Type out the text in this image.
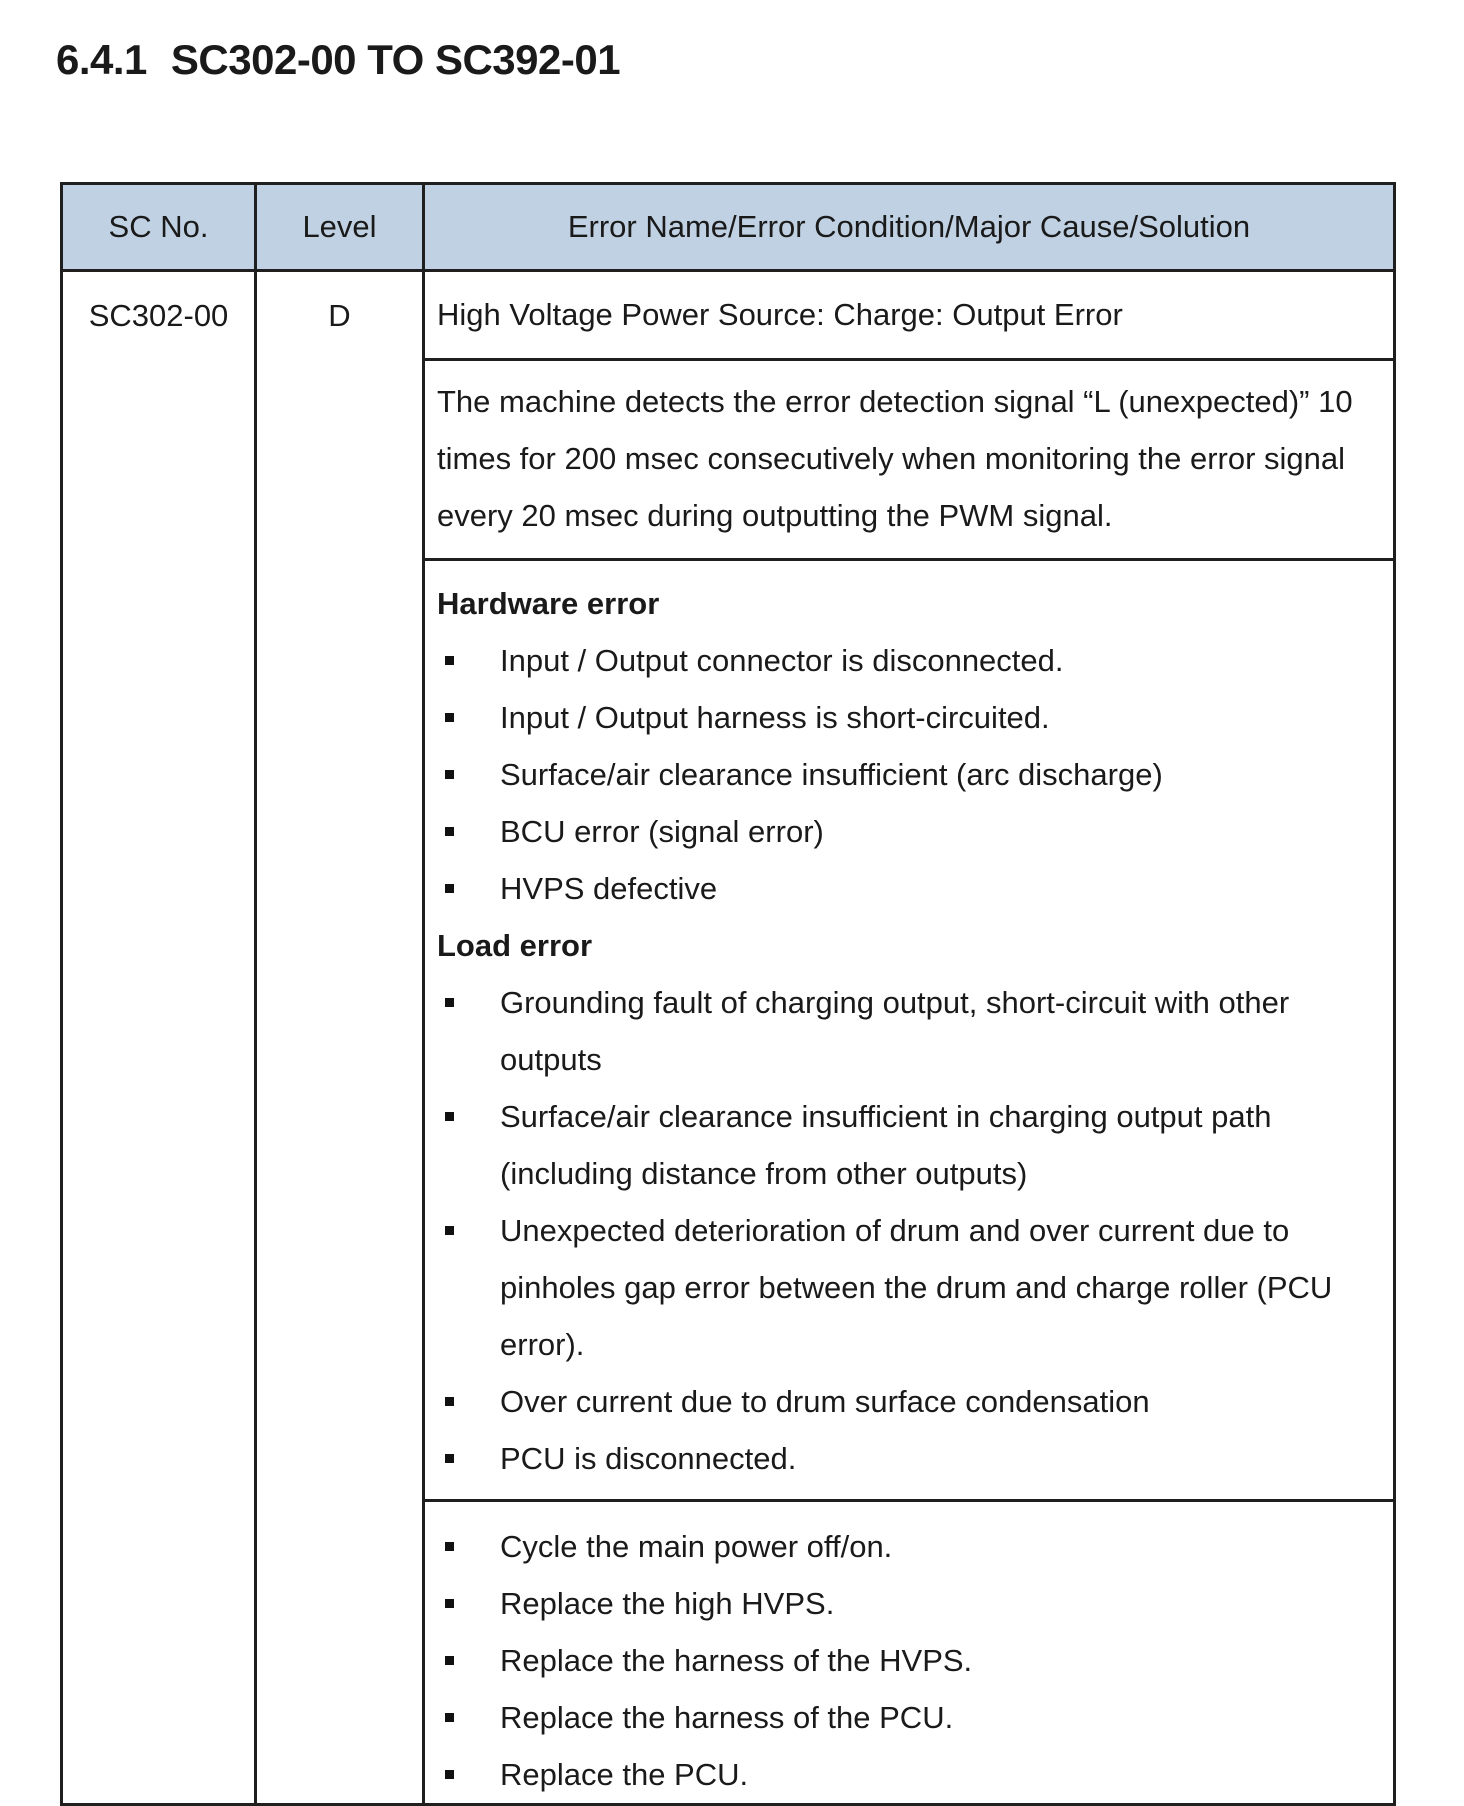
6.4.1 SC302-00 TO SC392-01
SC No.	Level	Error Name/Error Condition/Major Cause/Solution
SC302-00	D	High Voltage Power Source: Charge: Output Error
		The machine detects the error detection signal “L (unexpected)” 10 times for 200 msec consecutively when monitoring the error signal every 20 msec during outputting the PWM signal.

Hardware error
Input / Output connector is disconnected.
Input / Output harness is short-circuited.
Surface/air clearance insufficient (arc discharge)
BCU error (signal error)
HVPS defective
Load error
Grounding fault of charging output, short-circuit with other outputs
Surface/air clearance insufficient in charging output path (including distance from other outputs)
Unexpected deterioration of drum and over current due to pinholes gap error between the drum and charge roller (PCU error).
Over current due to drum surface condensation
PCU is disconnected.

Cycle the main power off/on.
Replace the high HVPS.
Replace the harness of the HVPS.
Replace the harness of the PCU.
Replace the PCU.
